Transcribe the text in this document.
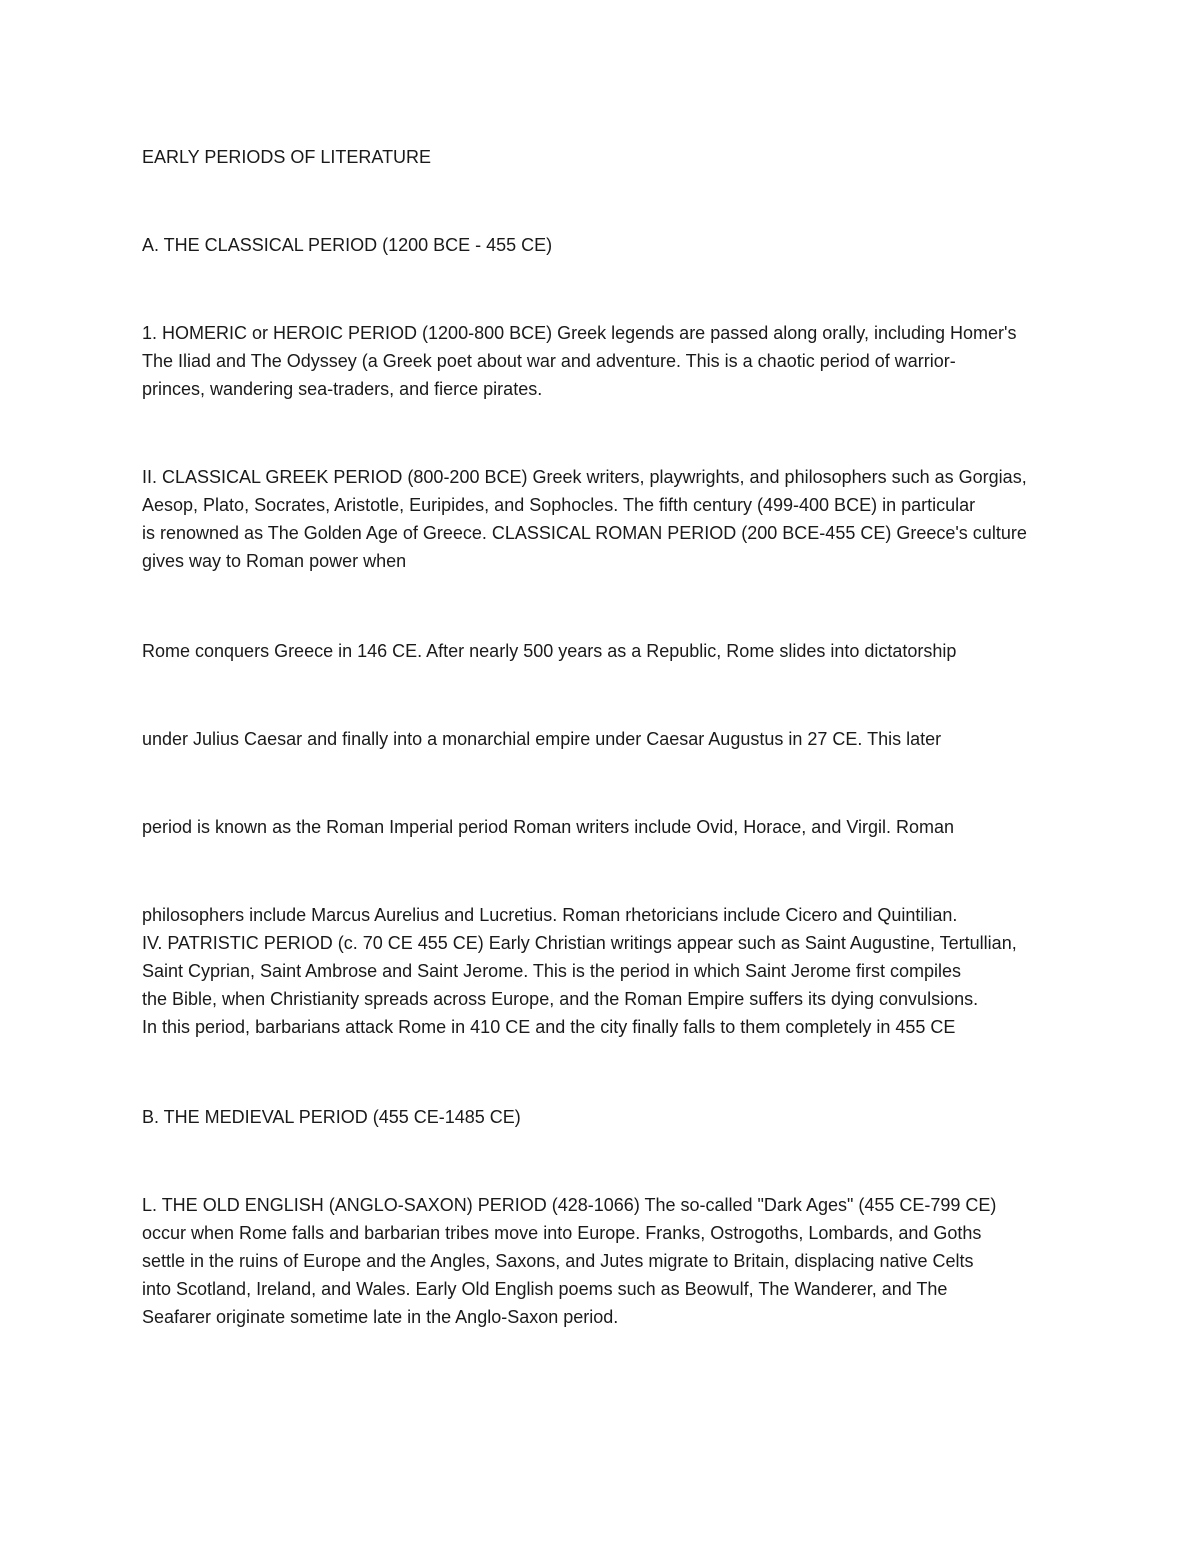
EARLY PERIODS OF LITERATURE

A. THE CLASSICAL PERIOD (1200 BCE - 455 CE)

1. HOMERIC or HEROIC PERIOD (1200-800 BCE) Greek legends are passed along orally, including Homer's

The Iliad and The Odyssey (a Greek poet about war and adventure. This is a chaotic period of warrior-

princes, wandering sea-traders, and fierce pirates.

II. CLASSICAL GREEK PERIOD (800-200 BCE) Greek writers, playwrights, and philosophers such as Gorgias,

Aesop, Plato, Socrates, Aristotle, Euripides, and Sophocles. The fifth century (499-400 BCE) in particular

is renowned as The Golden Age of Greece. CLASSICAL ROMAN PERIOD (200 BCE-455 CE) Greece's culture

gives way to Roman power when

Rome conquers Greece in 146 CE. After nearly 500 years as a Republic, Rome slides into dictatorship

under Julius Caesar and finally into a monarchial empire under Caesar Augustus in 27 CE. This later

period is known as the Roman Imperial period Roman writers include Ovid, Horace, and Virgil. Roman

philosophers include Marcus Aurelius and Lucretius. Roman rhetoricians include Cicero and Quintilian.

IV. PATRISTIC PERIOD (c. 70 CE 455 CE) Early Christian writings appear such as Saint Augustine, Tertullian,

Saint Cyprian, Saint Ambrose and Saint Jerome. This is the period in which Saint Jerome first compiles

the Bible, when Christianity spreads across Europe, and the Roman Empire suffers its dying convulsions.

In this period, barbarians attack Rome in 410 CE and the city finally falls to them completely in 455 CE

B. THE MEDIEVAL PERIOD (455 CE-1485 CE)

L. THE OLD ENGLISH (ANGLO-SAXON) PERIOD (428-1066) The so-called "Dark Ages" (455 CE-799 CE)

occur when Rome falls and barbarian tribes move into Europe. Franks, Ostrogoths, Lombards, and Goths

settle in the ruins of Europe and the Angles, Saxons, and Jutes migrate to Britain, displacing native Celts

into Scotland, Ireland, and Wales. Early Old English poems such as Beowulf, The Wanderer, and The

Seafarer originate sometime late in the Anglo-Saxon period.
